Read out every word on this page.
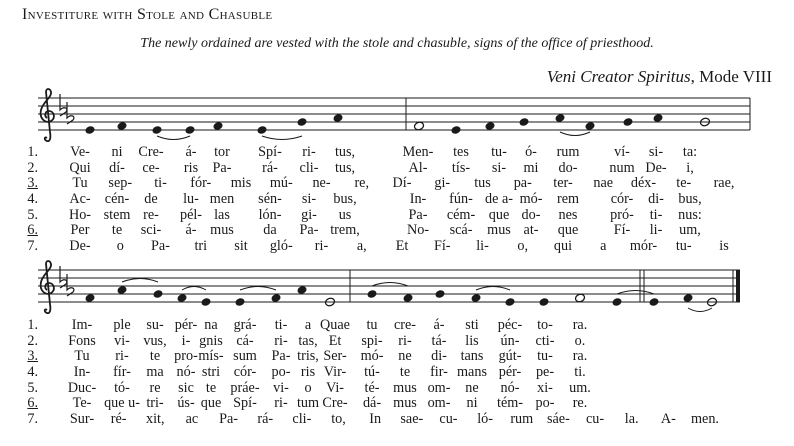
Investiture with Stole and Chasuble
The newly ordained are vested with the stole and chasuble, signs of the office of priesthood.
Veni Creator Spiritus, Mode VIII
1. Ve- ni Cre- á- tor Spí- ri- tus,	Men- tes tu- ó- rum ví- si- ta:
2. Qui dí- ce- ris Pa- rá- cli- tus,	Al- tís- si- mi do- num De- i,
3. Tu sep- ti- fór- mis mú- ne- re, Dí- gi- tus pa- ter- nae déx- te- rae,
4. Ac- cén- de lu- men sén- si- bus,	In- fún- de a- mó- rem cór- di- bus,
5. Ho- stem re- pél- las lón- gi- us	Pa- cém- que do- nes pró- ti- nus:
6. Per te sci- á- mus da Pa- trem,	No- scá- mus at- que Fí- li- um,
7. De- o Pa- tri sit gló- ri- a, Et Fí- li- o, qui a mór- tu- is
1. Im- ple su- pér- na grá- ti- a Quae tu cre- á- sti péc- to- ra.
2. Fons vi- vus, i- gnis cá- ri- tas, Et spi- ri- tá- lis ún- cti- o.
3.	Tu ri- te pro- mís- sum Pa- tris, Ser- mó- ne di- tans gút- tu- ra.
4.	In- fír- ma nó- stri cór- po- ris Vir- tú- te fir- mans pér- pe- ti.
5. Duc- tó- re sic te práe- vi- o Vi- té- mus om- ne nó- xi- um.
6. Te- que u- tri- ús- que Spí- ri- tum Cre- dá- mus om- ni tém- po- re.
7. Sur- ré- xit, ac Pa- rá- cli- to, In sae- cu- ló- rum sáe- cu- la. A- men.
